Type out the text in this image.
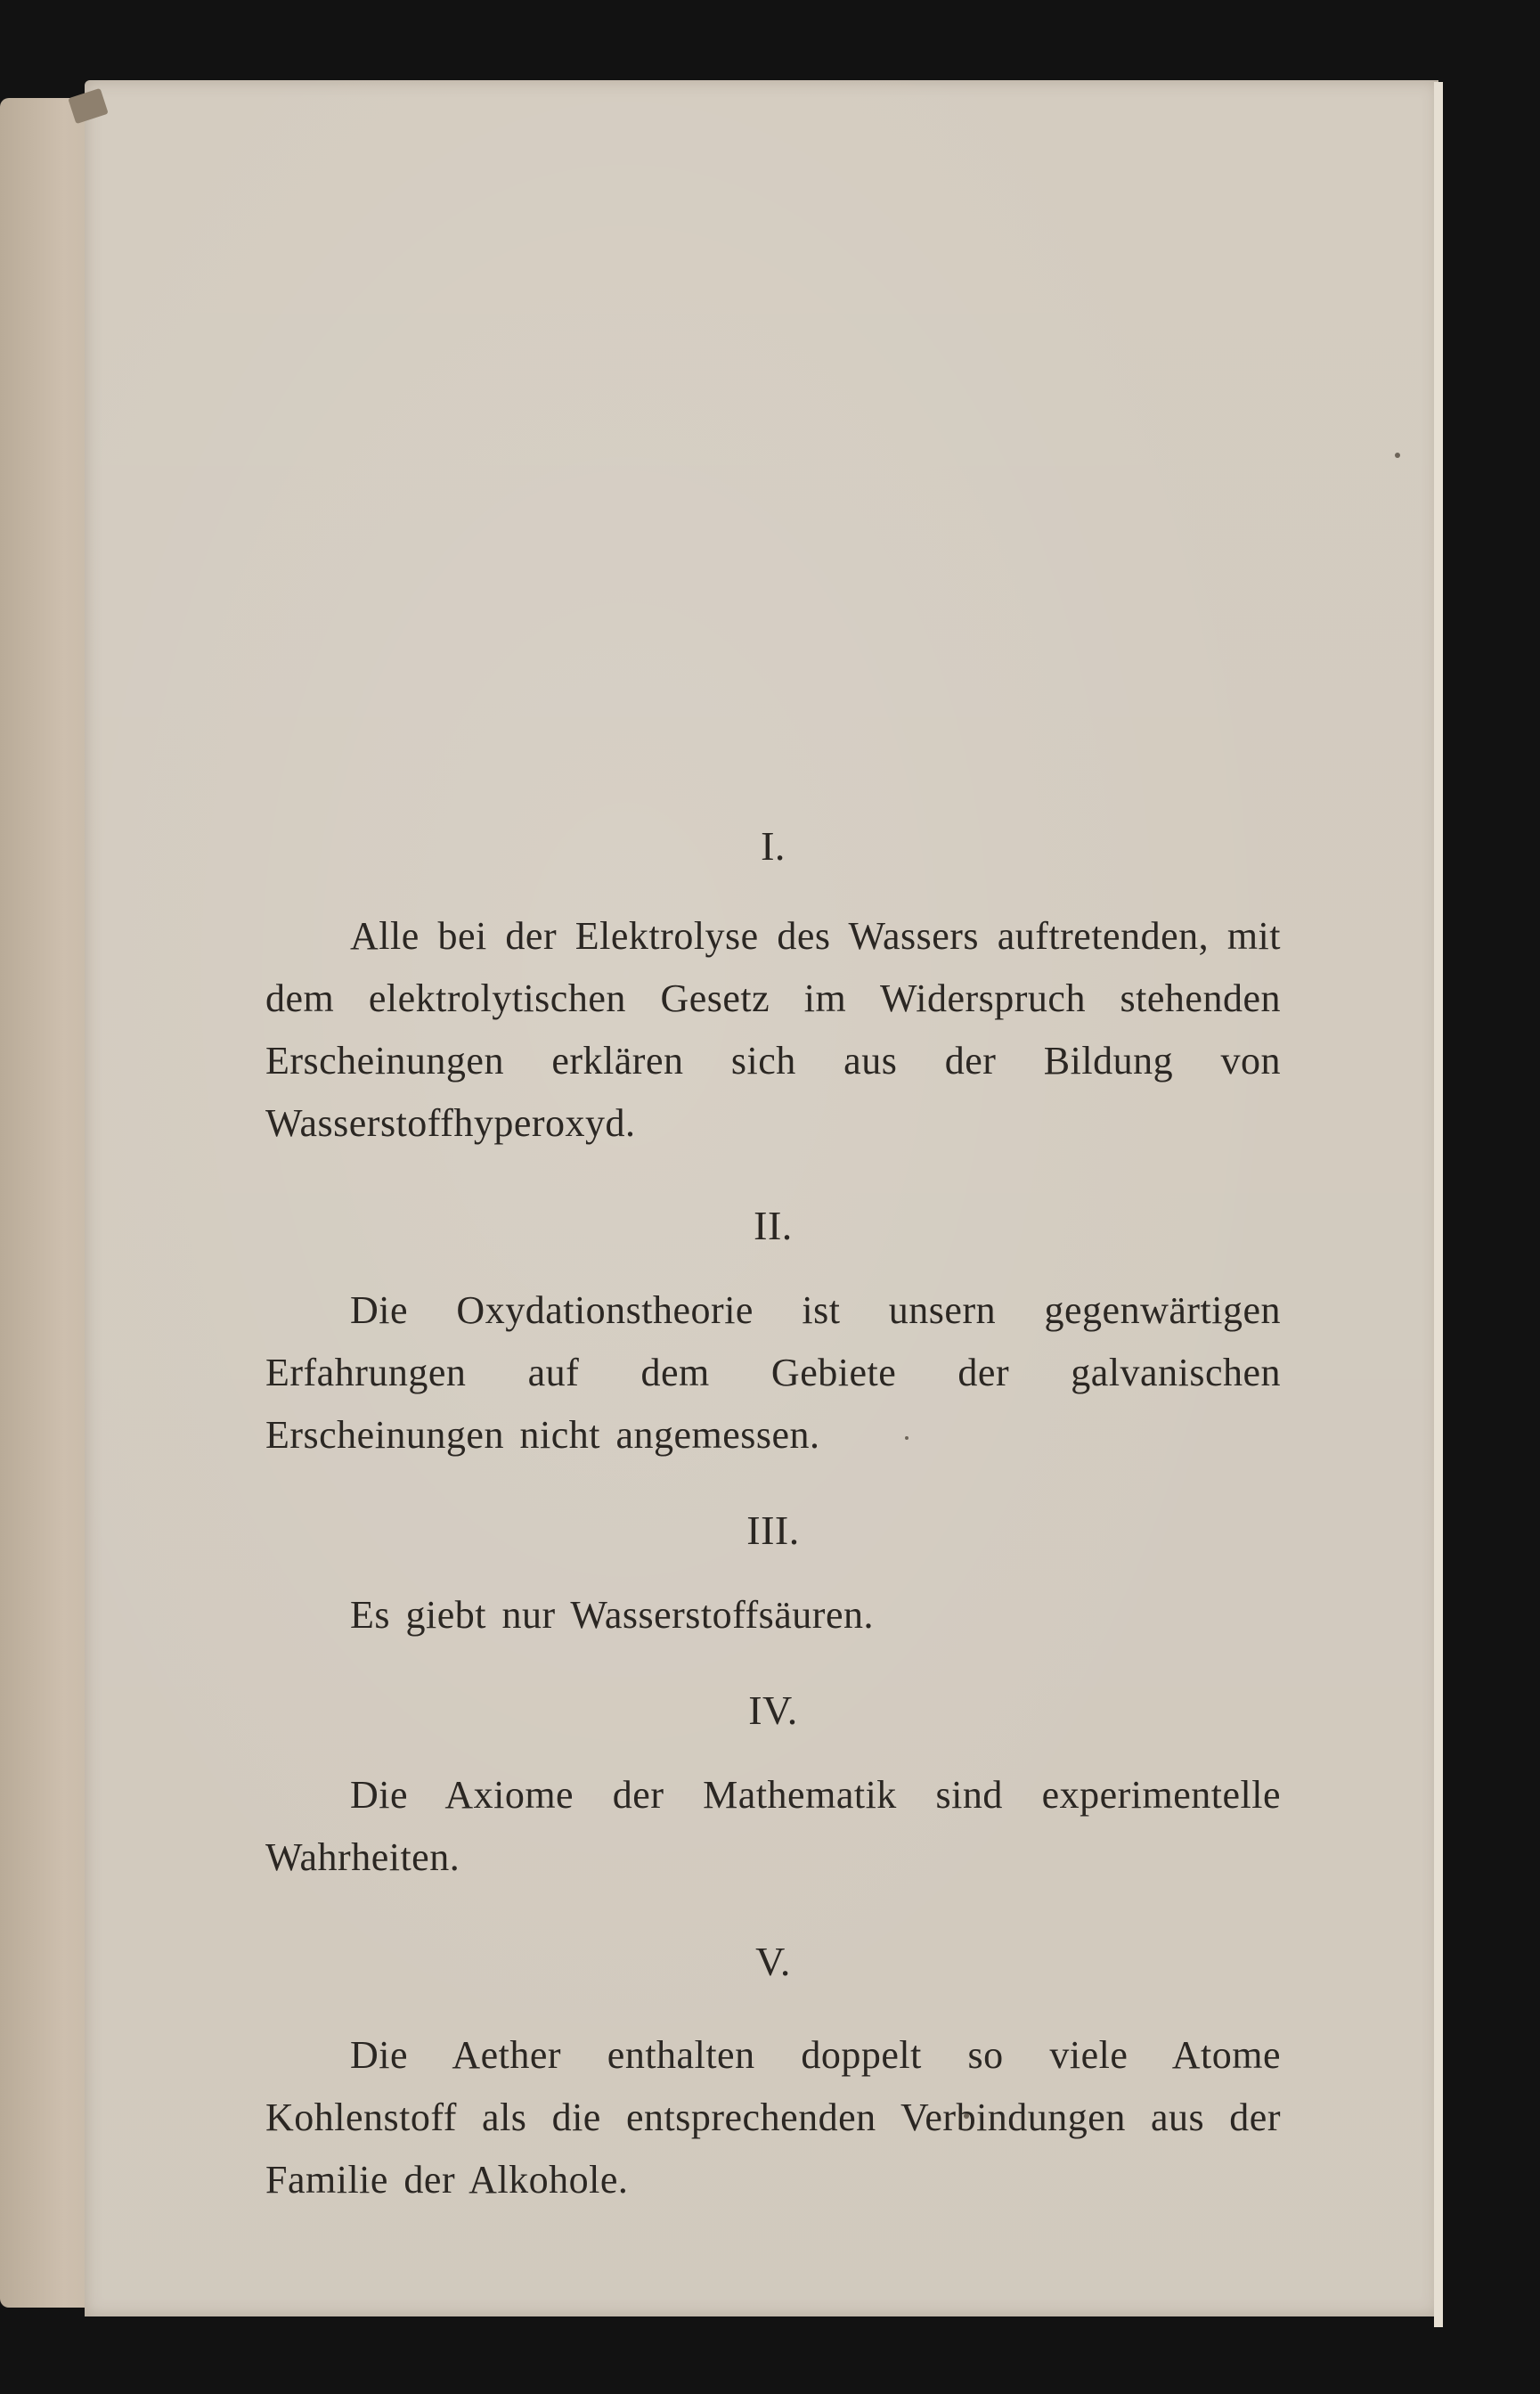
I.

Alle bei der Elektrolyse des Wassers auftretenden, mit dem elektrolytischen Gesetz im Widerspruch stehenden Erscheinungen erklären sich aus der Bildung von Wasserstoffhyperoxyd.

II.

Die Oxydationstheorie ist unsern gegenwärtigen Erfahrungen auf dem Gebiete der galvanischen Erscheinungen nicht angemessen.

III.

Es giebt nur Wasserstoffsäuren.

IV.

Die Axiome der Mathematik sind experimentelle Wahrheiten.

V.

Die Aether enthalten doppelt so viele Atome Kohlenstoff als die entsprechenden Verbindungen aus der Familie der Alkohole.
